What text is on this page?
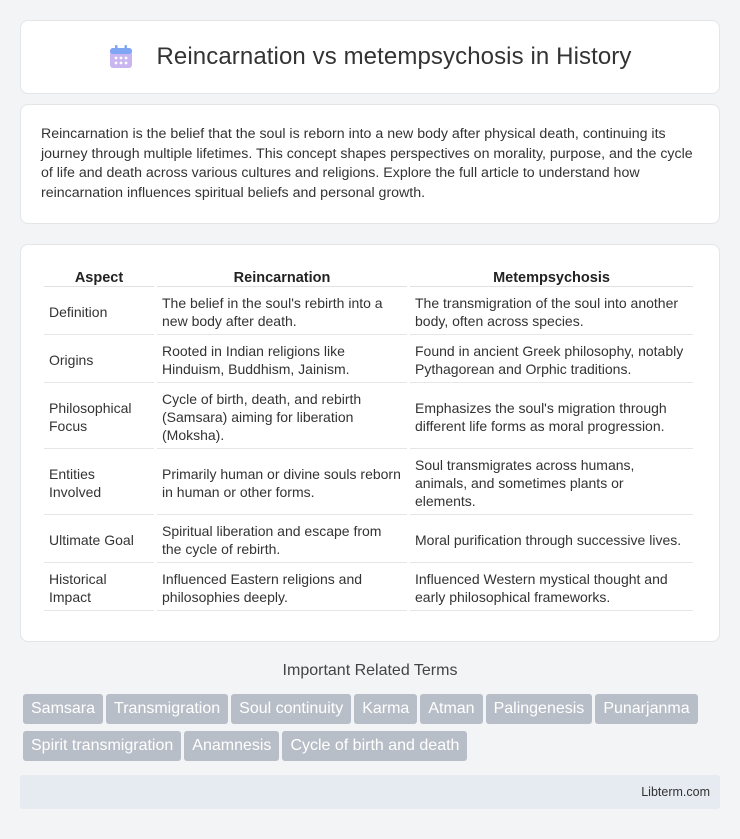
Reincarnation vs metempsychosis in History

Reincarnation is the belief that the soul is reborn into a new body after physical death, continuing its journey through multiple lifetimes. This concept shapes perspectives on morality, purpose, and the cycle of life and death across various cultures and religions. Explore the full article to understand how reincarnation influences spiritual beliefs and personal growth.

Aspect	Reincarnation	Metempsychosis
Definition	The belief in the soul's rebirth into a new body after death.	The transmigration of the soul into another body, often across species.
Origins	Rooted in Indian religions like Hinduism, Buddhism, Jainism.	Found in ancient Greek philosophy, notably Pythagorean and Orphic traditions.
Philosophical Focus	Cycle of birth, death, and rebirth (Samsara) aiming for liberation (Moksha).	Emphasizes the soul's migration through different life forms as moral progression.
Entities Involved	Primarily human or divine souls reborn in human or other forms.	Soul transmigrates across humans, animals, and sometimes plants or elements.
Ultimate Goal	Spiritual liberation and escape from the cycle of rebirth.	Moral purification through successive lives.
Historical Impact	Influenced Eastern religions and philosophies deeply.	Influenced Western mystical thought and early philosophical frameworks.
Important Related Terms
Samsara Transmigration Soul continuity Karma Atman Palingenesis Punarjanma
Spirit transmigration Anamnesis Cycle of birth and death
Libterm.com
